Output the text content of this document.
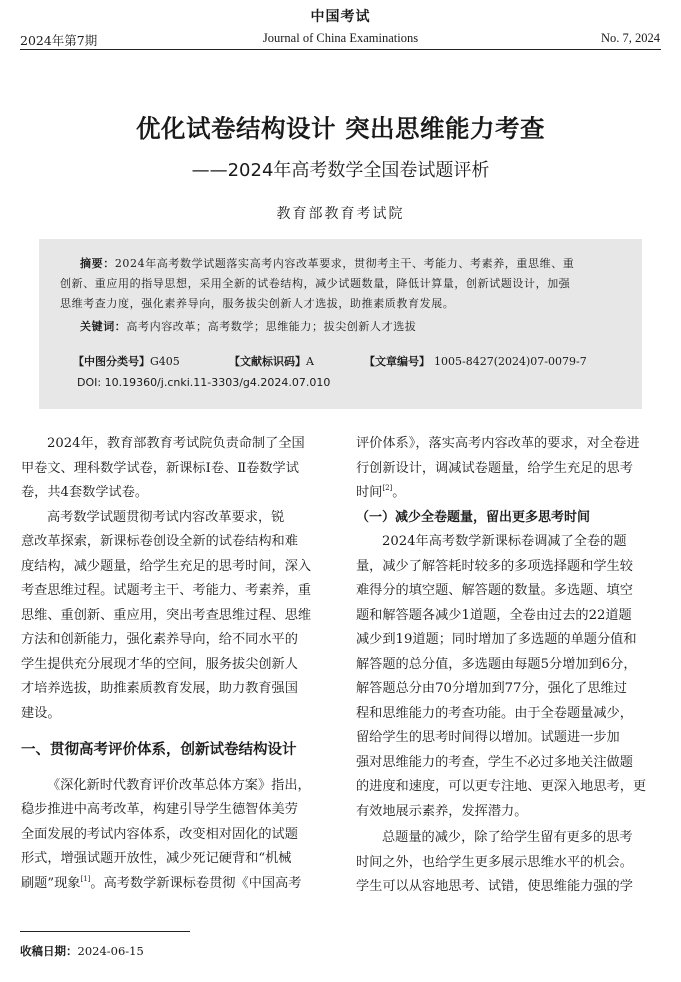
中国考试
2024年第7期	Journal of China Examinations	No. 7, 2024
优化试卷结构设计 突出思维能力考查
——2024年高考数学全国卷试题评析
教育部教育考试院
摘要：2024年高考数学试题落实高考内容改革要求，贯彻考主干、考能力、考素养，重思维、重
创新、重应用的指导思想，采用全新的试卷结构，减少试题数量，降低计算量，创新试题设计，加强
思维考查力度，强化素养导向，服务拔尖创新人才选拔，助推素质教育发展。
关键词：高考内容改革；高考数学；思维能力；拔尖创新人才选拔
【中图分类号】G405	【文献标识码】A	【文章编号】 1005-8427(2024)07-0079-7
DOI: 10.19360/j.cnki.11-3303/g4.2024.07.010

2024年，教育部教育考试院负责命制了全国

甲卷文、理科数学试卷，新课标Ⅰ卷、Ⅱ卷数学试

卷，共4套数学试卷。

高考数学试题贯彻考试内容改革要求，锐

意改革探索，新课标卷创设全新的试卷结构和难

度结构，减少题量，给学生充足的思考时间，深入

考查思维过程。试题考主干、考能力、考素养，重

思维、重创新、重应用，突出考查思维过程、思维

方法和创新能力，强化素养导向，给不同水平的

学生提供充分展现才华的空间，服务拔尖创新人

才培养选拔，助推素质教育发展，助力教育强国

建设。

一、贯彻高考评价体系，创新试卷结构设计

《深化新时代教育评价改革总体方案》指出，

稳步推进中高考改革，构建引导学生德智体美劳

全面发展的考试内容体系，改变相对固化的试题

形式，增强试题开放性，减少死记硬背和“机械

刷题”现象[1]。高考数学新课标卷贯彻《中国高考

评价体系》，落实高考内容改革的要求，对全卷进

行创新设计，调减试卷题量，给学生充足的思考

时间[2]。

（一）减少全卷题量，留出更多思考时间

2024年高考数学新课标卷调减了全卷的题

量，减少了解答耗时较多的多项选择题和学生较

难得分的填空题、解答题的数量。多选题、填空

题和解答题各减少1道题，全卷由过去的22道题

减少到19道题；同时增加了多选题的单题分值和

解答题的总分值，多选题由每题5分增加到6分，

解答题总分由70分增加到77分，强化了思维过

程和思维能力的考查功能。由于全卷题量减少，

留给学生的思考时间得以增加。试题进一步加

强对思维能力的考查，学生不必过多地关注做题

的进度和速度，可以更专注地、更深入地思考，更

有效地展示素养，发挥潜力。

总题量的减少，除了给学生留有更多的思考

时间之外，也给学生更多展示思维水平的机会。

学生可以从容地思考、试错，使思维能力强的学

收稿日期：2024-06-15
